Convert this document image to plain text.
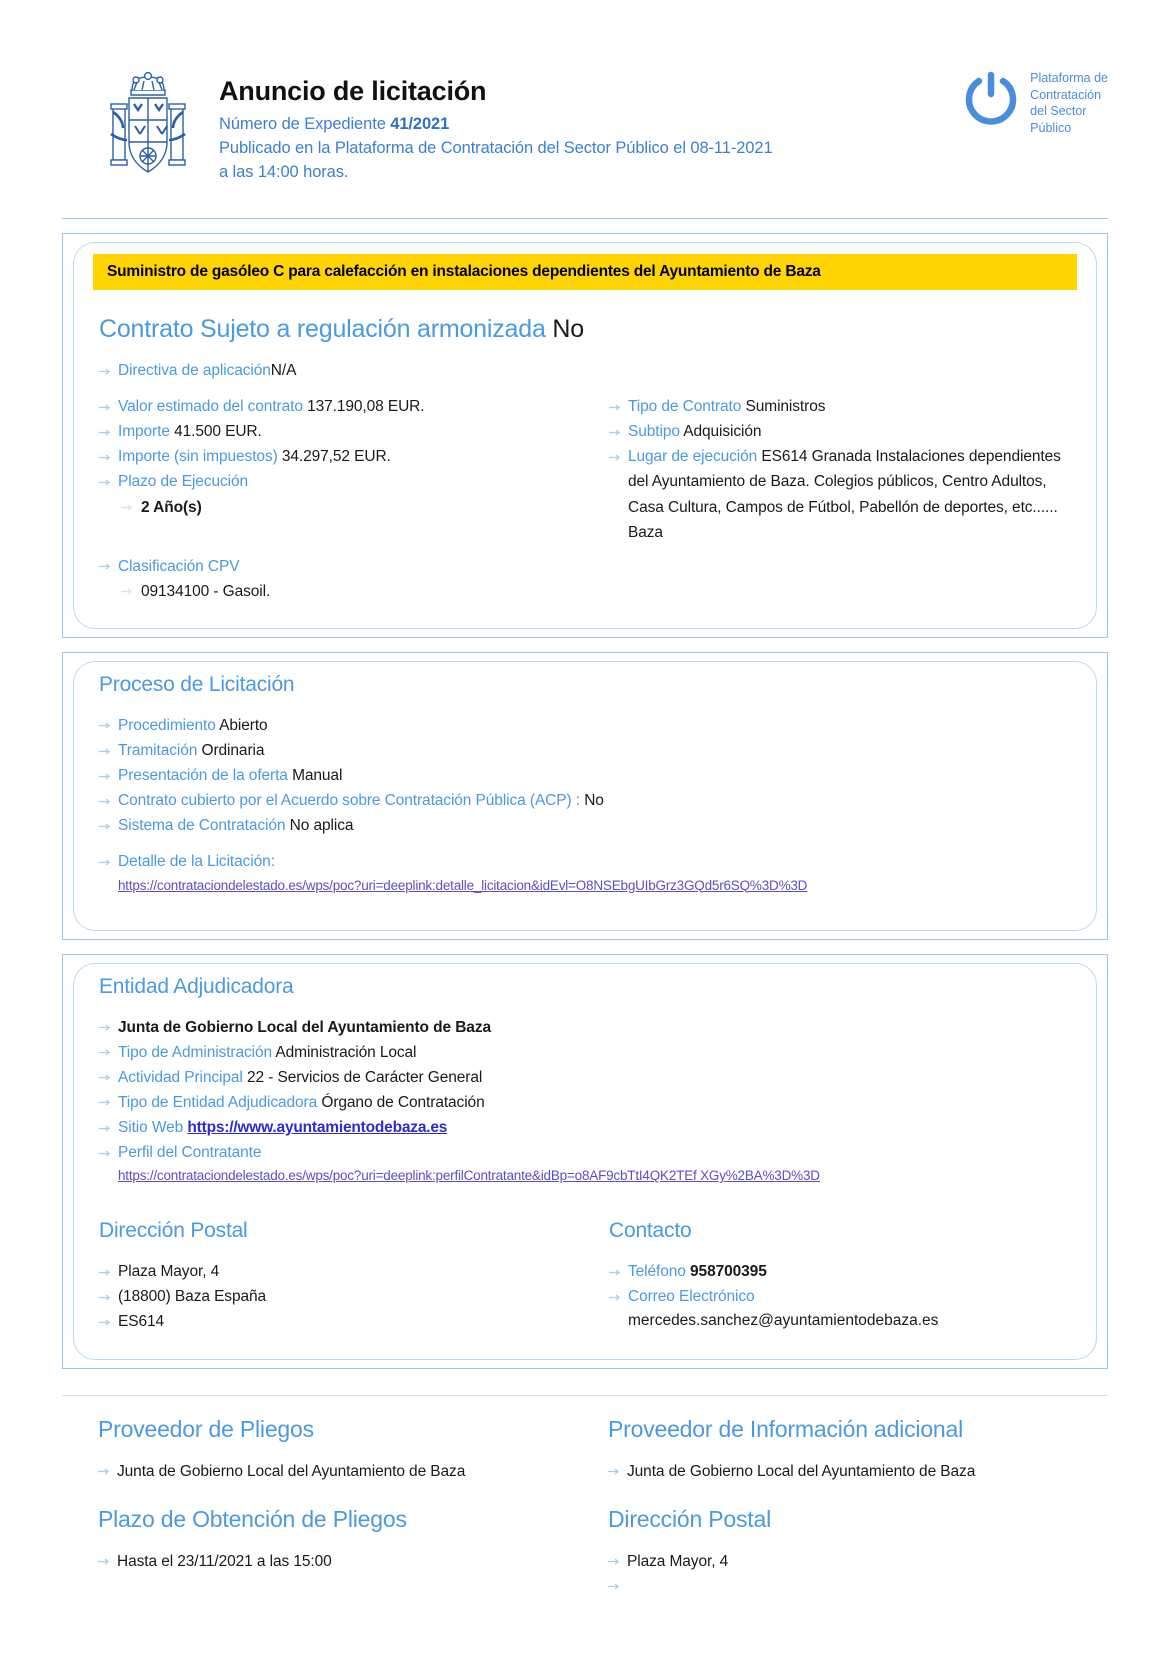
Anuncio de licitación
Número de Expediente 41/2021
Publicado en la Plataforma de Contratación del Sector Público el 08-11-2021
a las 14:00 horas.
Plataforma de
Contratación
del Sector
Público
Suministro de gasóleo C para calefacción en instalaciones dependientes del Ayuntamiento de Baza
Contrato Sujeto a regulación armonizada No
Directiva de aplicaciónN/A
Valor estimado del contrato 137.190,08 EUR.
Importe 41.500 EUR.
Importe (sin impuestos) 34.297,52 EUR.
Plazo de Ejecución
2 Año(s)
Clasificación CPV
09134100 - Gasoil.
Tipo de Contrato Suministros
Subtipo Adquisición
Lugar de ejecución ES614 Granada Instalaciones dependientes del Ayuntamiento de Baza. Colegios públicos, Centro Adultos, Casa Cultura, Campos de Fútbol, Pabellón de deportes, etc...... Baza
Proceso de Licitación
Procedimiento Abierto
Tramitación Ordinaria
Presentación de la oferta Manual
Contrato cubierto por el Acuerdo sobre Contratación Pública (ACP) : No
Sistema de Contratación No aplica
Detalle de la Licitación:
https://contrataciondelestado.es/wps/poc?uri=deeplink:detalle_licitacion&idEvl=O8NSEbgUIbGrz3GQd5r6SQ%3D%3D
Entidad Adjudicadora
Junta de Gobierno Local del Ayuntamiento de Baza
Tipo de Administración Administración Local
Actividad Principal 22 - Servicios de Carácter General
Tipo de Entidad Adjudicadora Órgano de Contratación
Sitio Web https://www.ayuntamientodebaza.es
Perfil del Contratante
https://contrataciondelestado.es/wps/poc?uri=deeplink:perfilContratante&idBp=o8AF9cbTtI4QK2TEf XGy%2BA%3D%3D
Dirección Postal
Plaza Mayor, 4
(18800) Baza España
ES614
Contacto
Teléfono 958700395
Correo Electrónico
mercedes.sanchez@ayuntamientodebaza.es
Proveedor de Pliegos
Junta de Gobierno Local del Ayuntamiento de Baza
Plazo de Obtención de Pliegos
Hasta el 23/11/2021 a las 15:00
Proveedor de Información adicional
Junta de Gobierno Local del Ayuntamiento de Baza
Dirección Postal
Plaza Mayor, 4
